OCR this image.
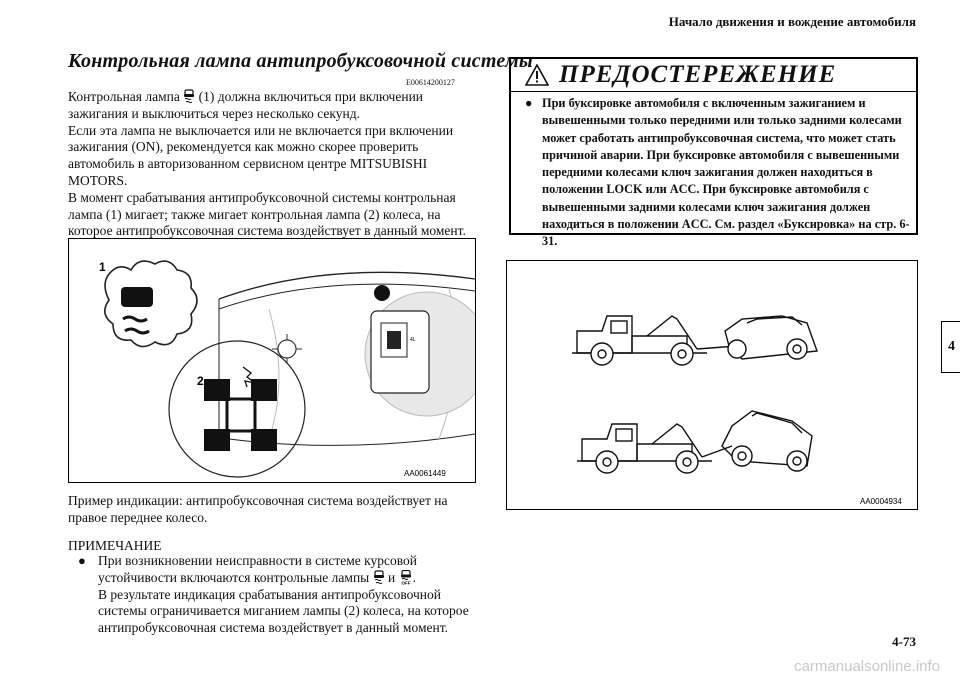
Начало движения и вождение автомобиля
Контрольная лампа антипробуксовочной системы
E00614200127

Контрольная лампа  (1) должна включиться при включении зажигания и выключиться через несколько секунд.

Если эта лампа не выключается или не включается при включении зажигания (ON), рекомендуется как можно скорее проверить автомобиль в авторизованном сервисном центре MITSUBISHI MOTORS.

В момент срабатывания антипробуксовочной системы контрольная лампа (1) мигает; также мигает контрольная лампа (2) колеса, на которое антипробуксовочная система воздействует в данный момент.

4L
1
2
AA0061449
Пример индикации: антипробуксовочная система воздействует на правое переднее колесо.
ПРИМЕЧАНИЕ
● При возникновении неисправности в системе курсовой устойчивости включаются контрольные лампы  и OFF .
В результате индикация срабатывания антипробуксовочной системы ограничивается миганием лампы (2) колеса, на которое антипробуксовочная система воздействует в данный момент.
ПРЕДОСТЕРЕЖЕНИЕ
● При буксировке автомобиля с включенным зажиганием и вывешенными только передними или только задними колесами может сработать антипробуксовочная система, что может стать причиной аварии. При буксировке автомобиля с вывешенными передними колесами ключ зажигания должен находиться в положении LOCK или ACC. При буксировке автомобиля с вывешенными задними колесами ключ зажигания должен находиться в положении ACC. См. раздел «Буксировка» на стр. 6-31.
AA0004934
4
4-73
carmanualsonline.info
